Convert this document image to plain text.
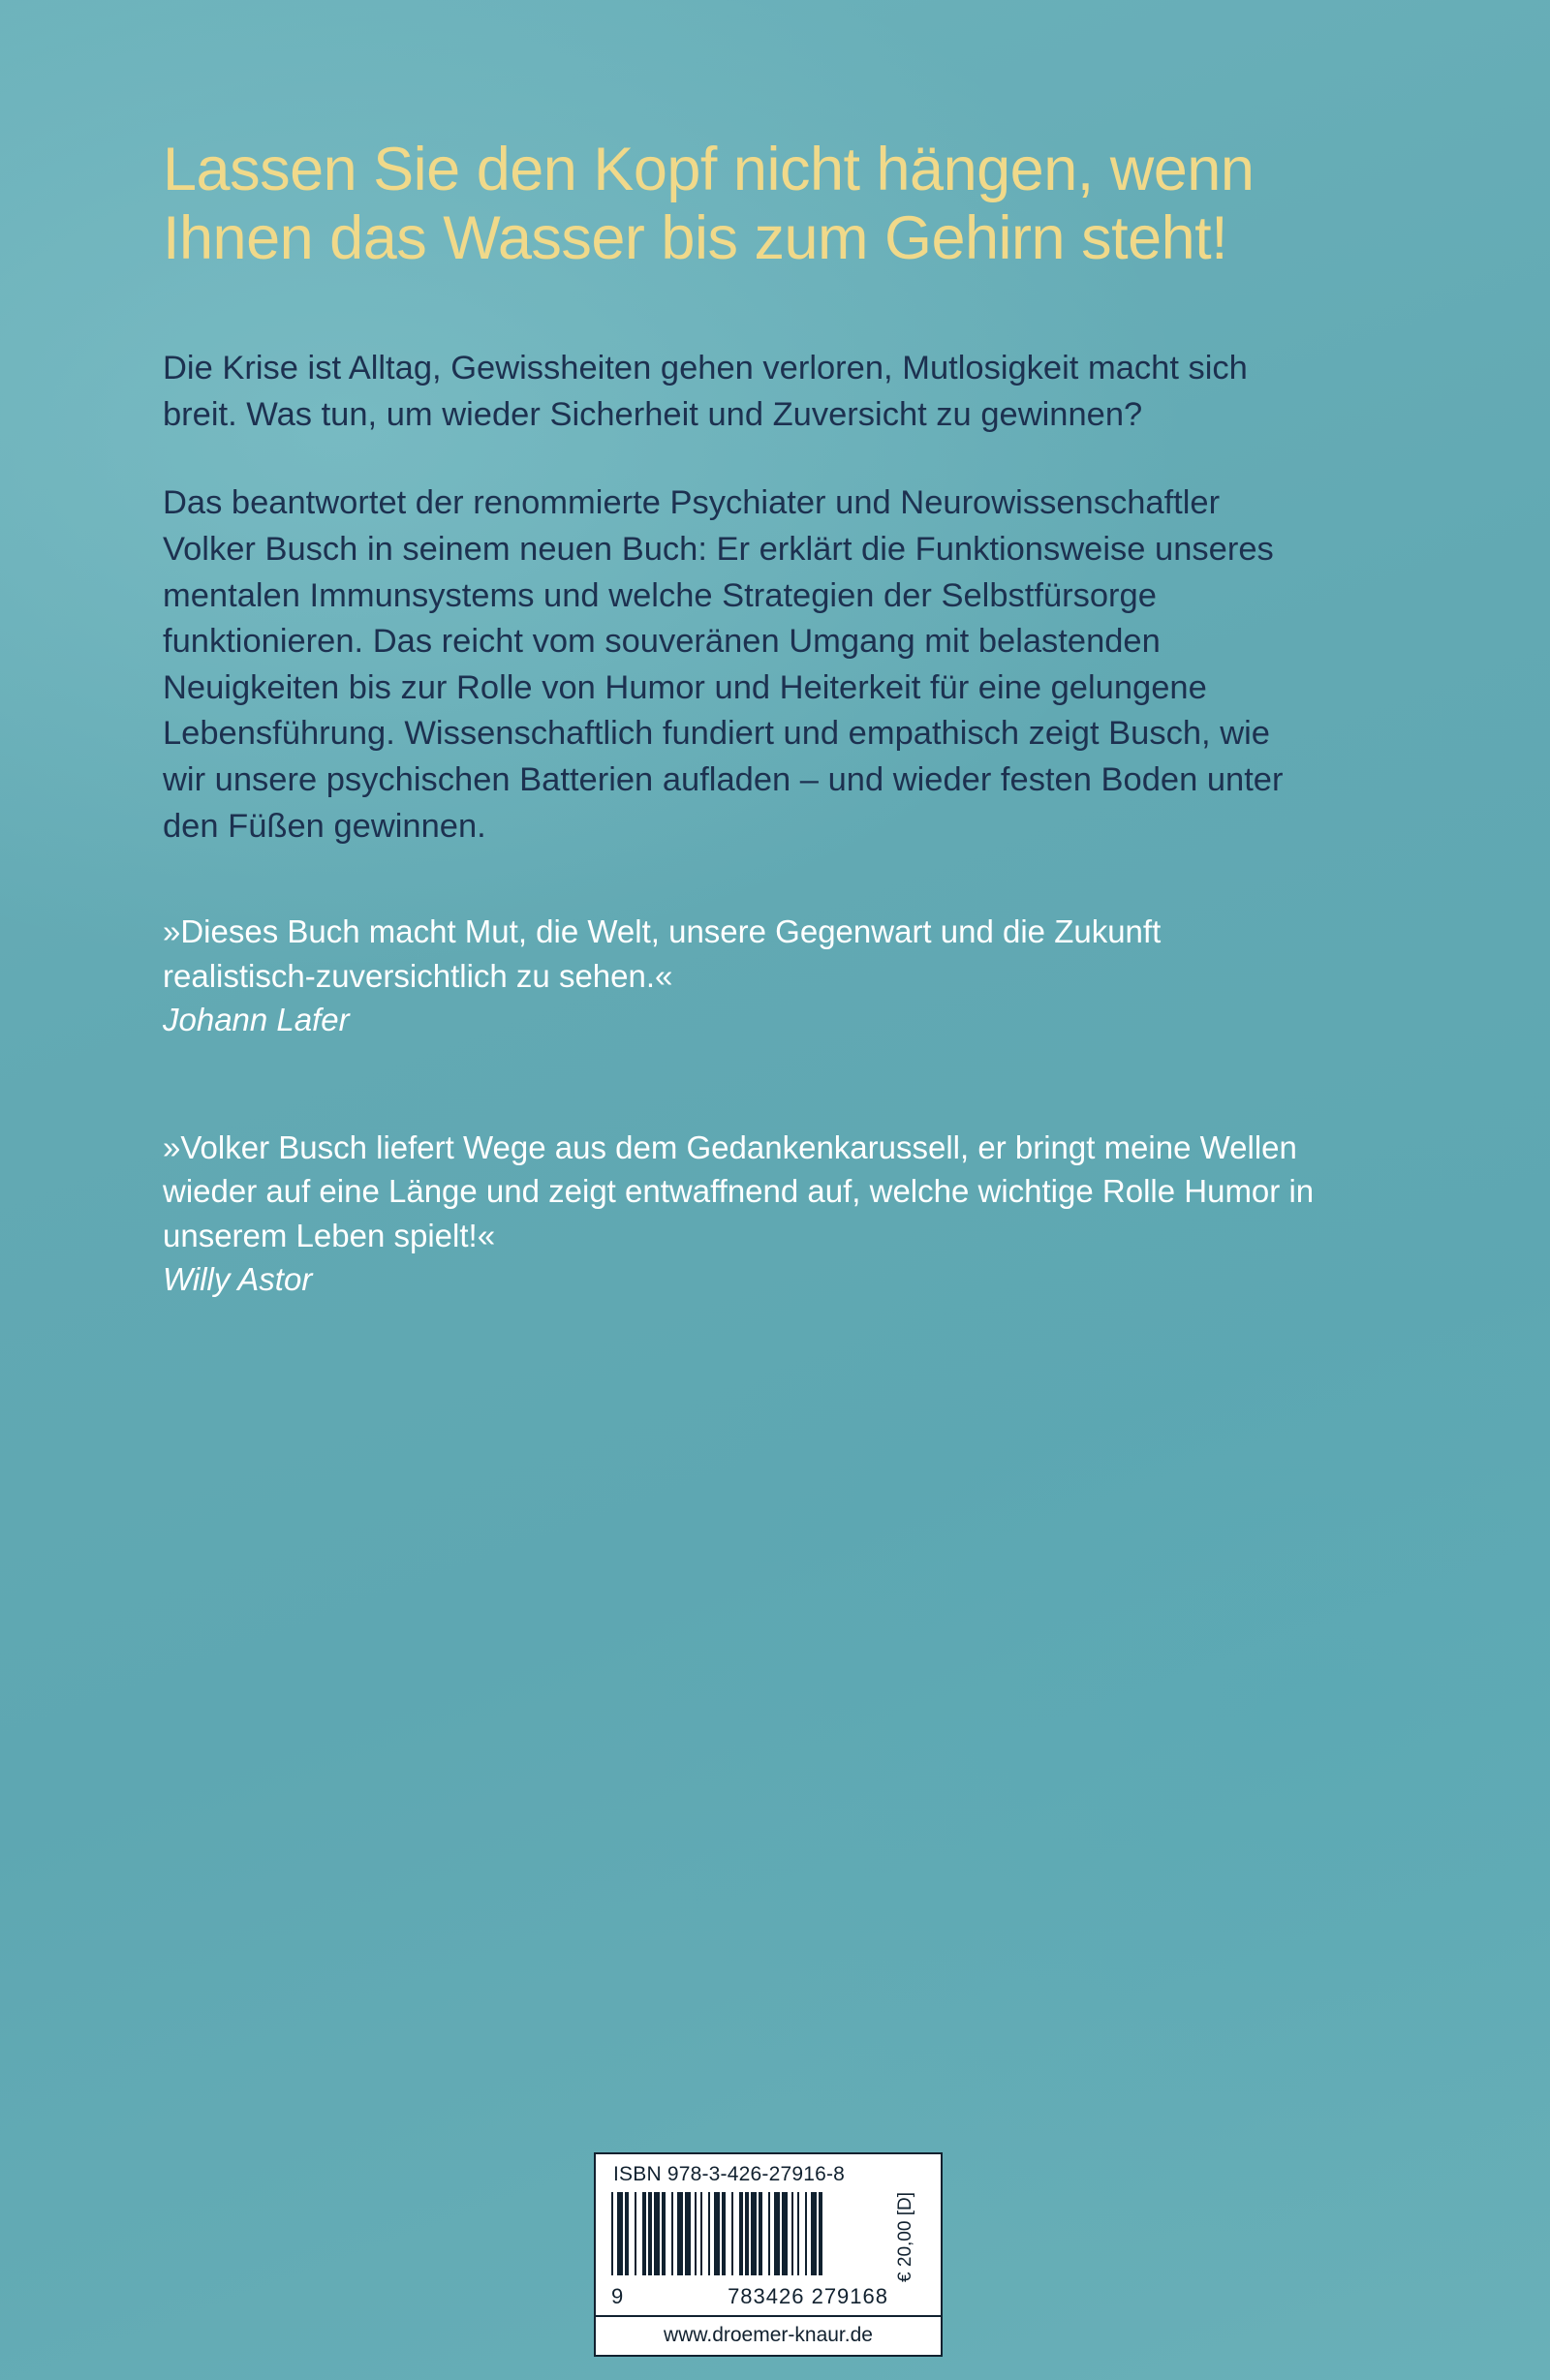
Lassen Sie den Kopf nicht hängen, wenn Ihnen das Wasser bis zum Gehirn steht!

Die Krise ist Alltag, Gewissheiten gehen verloren, Mutlosigkeit macht sich breit. Was tun, um wieder Sicherheit und Zuversicht zu gewinnen?

Das beantwortet der renommierte Psychiater und Neurowissenschaftler Volker Busch in seinem neuen Buch: Er erklärt die Funktionsweise unseres mentalen Immunsystems und welche Strategien der Selbstfürsorge funktionieren. Das reicht vom souveränen Umgang mit belastenden Neuigkeiten bis zur Rolle von Humor und Heiterkeit für eine gelungene Lebensführung. Wissenschaftlich fundiert und empathisch zeigt Busch, wie wir unsere psychischen Batterien aufladen – und wieder festen Boden unter den Füßen gewinnen.

»Dieses Buch macht Mut, die Welt, unsere Gegenwart und die Zukunft realistisch-zuversichtlich zu sehen.«

Johann Lafer

»Volker Busch liefert Wege aus dem Gedankenkarussell, er bringt meine Wellen wieder auf eine Länge und zeigt entwaffnend auf, welche wichtige Rolle Humor in unserem Leben spielt!«

Willy Astor

ISBN 978-3-426-27916-8
€ 20,00 [D]
9	783426 279168
www.droemer-knaur.de
